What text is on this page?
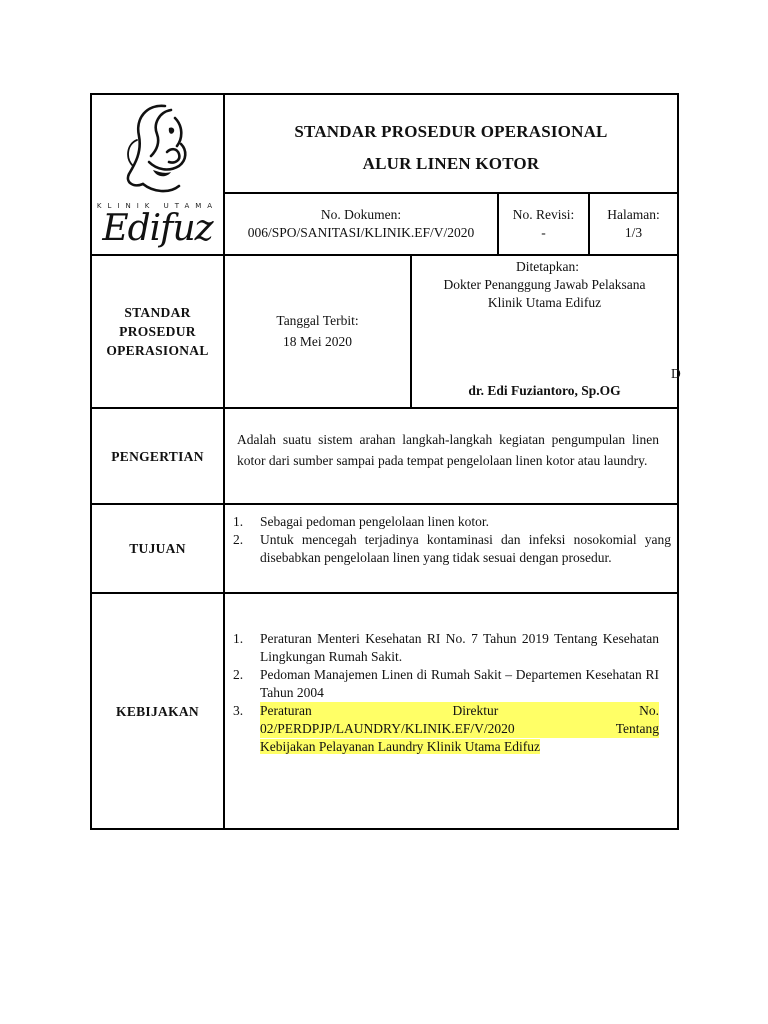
KLINIK UTAMA
Edifuz
STANDAR PROSEDUR OPERASIONAL
ALUR LINEN KOTOR
No. Dokumen:
006/SPO/SANITASI/KLINIK.EF/V/2020
No. Revisi:
-
Halaman:
1/3
STANDAR
PROSEDUR
OPERASIONAL
Tanggal Terbit:
18 Mei 2020
Ditetapkan:
Dokter Penanggung Jawab Pelaksana
Klinik Utama Edifuz
dr. Edi Fuziantoro, Sp.OG
D
PENGERTIAN
Adalah suatu sistem arahan langkah-langkah kegiatan pengumpulan linen kotor dari sumber sampai pada tempat pengelolaan linen kotor atau laundry.
TUJUAN
1. Sebagai pedoman pengelolaan linen kotor.
2. Untuk mencegah terjadinya kontaminasi dan infeksi nosokomial yang disebabkan pengelolaan linen yang tidak sesuai dengan prosedur.
KEBIJAKAN
1. Peraturan Menteri Kesehatan RI No. 7 Tahun 2019 Tentang Kesehatan Lingkungan Rumah Sakit.
2. Pedoman Manajemen Linen di Rumah Sakit – Departemen Kesehatan RI Tahun 2004
3. Peraturan Direktur No.
02/PERDPJP/LAUNDRY/KLINIK.EF/V/2020 Tentang
Kebijakan Pelayanan Laundry Klinik Utama Edifuz
